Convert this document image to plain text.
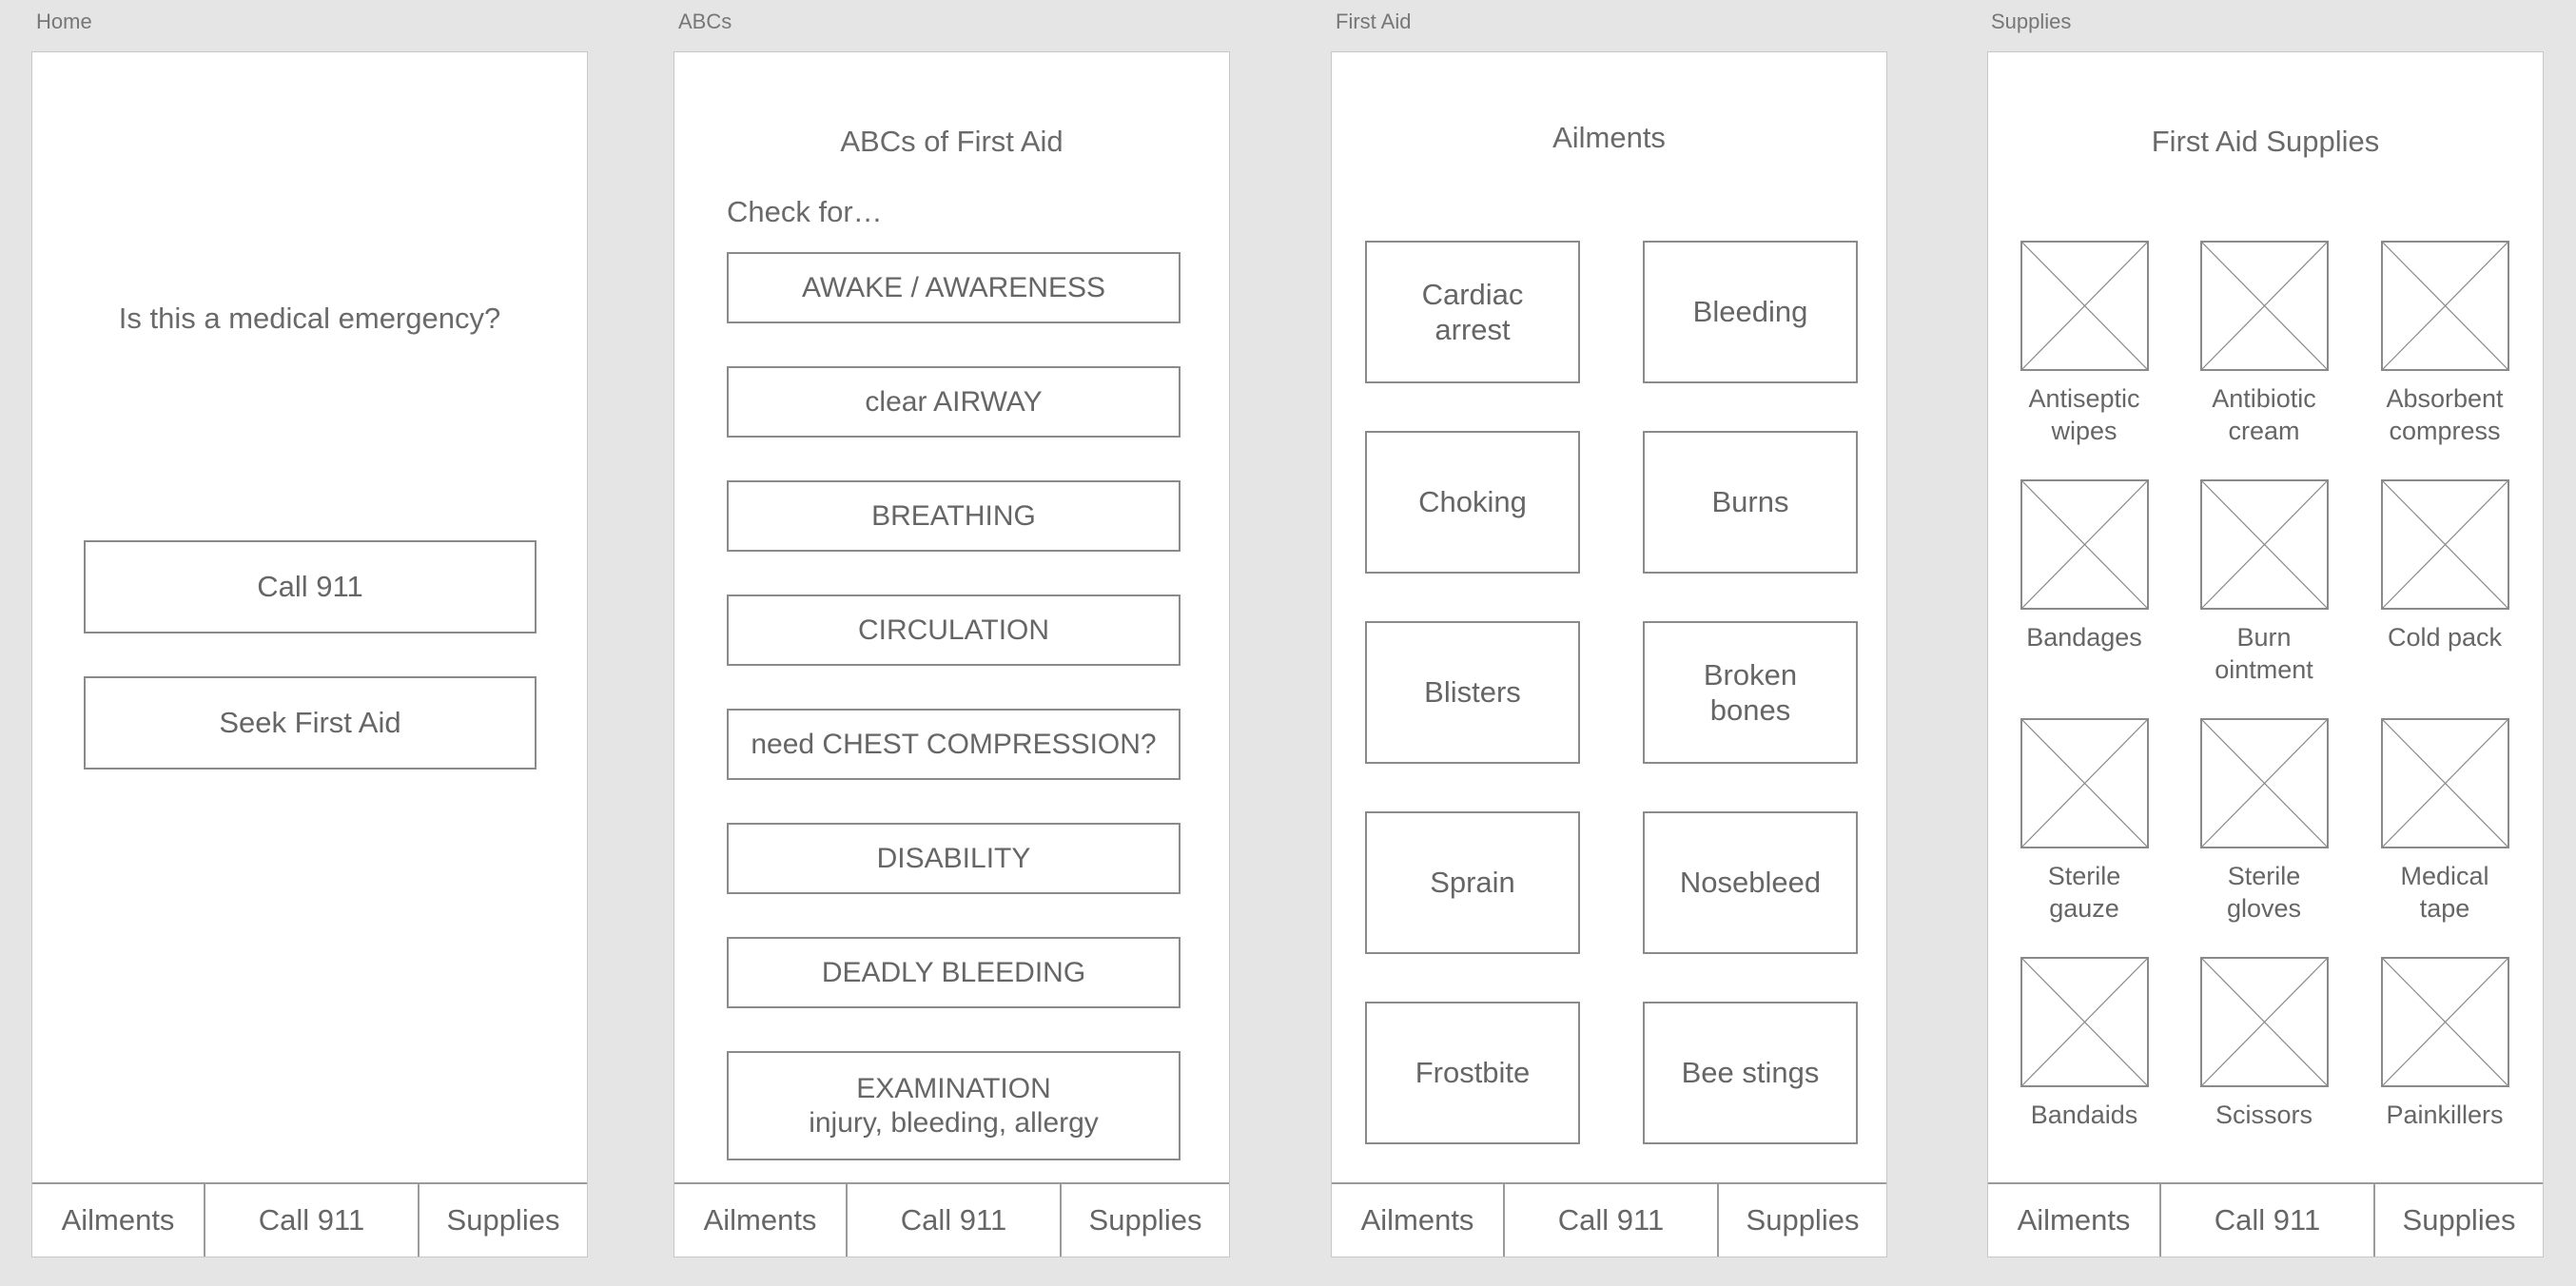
Home	ABCs	First Aid	Supplies
Is this a medical emergency?
Call 911
Seek First Aid
Ailments	Call 911	Supplies
ABCs of First Aid
Check for…
AWAKE / AWARENESS
clear AIRWAY
BREATHING
CIRCULATION
need CHEST COMPRESSION?
DISABILITY
DEADLY BLEEDING
EXAMINATION
injury, bleeding, allergy
Ailments	Call 911	Supplies
Ailments
Cardiac
arrest
Bleeding
Choking	Burns
Blisters
Broken
bones
Sprain	Nosebleed
Frostbite	Bee stings
Ailments	Call 911	Supplies
First Aid Supplies
Antiseptic
wipes
Antibiotic
cream
Absorbent
compress
Bandages	Burn
ointment
Cold pack
Sterile
gauze
Sterile
gloves
Medical
tape
Bandaids	Scissors	Painkillers
Ailments	Call 911	Supplies
